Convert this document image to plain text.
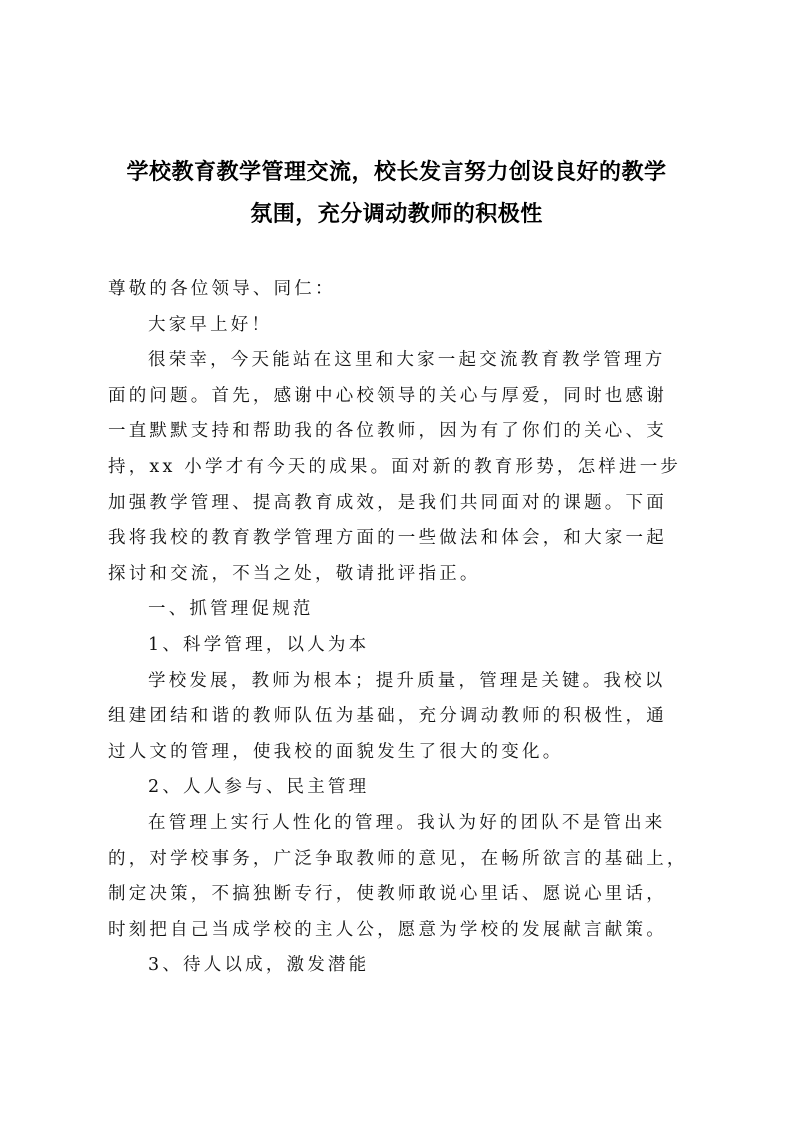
学校教育教学管理交流，校长发言努力创设良好的教学
氛围，充分调动教师的积极性
尊敬的各位领导、同仁：
大家早上好！
很荣幸，今天能站在这里和大家一起交流教育教学管理方
面的问题。首先，感谢中心校领导的关心与厚爱，同时也感谢
一直默默支持和帮助我的各位教师，因为有了你们的关心、支
持，xx 小学才有今天的成果。面对新的教育形势，怎样进一步
加强教学管理、提高教育成效，是我们共同面对的课题。下面
我将我校的教育教学管理方面的一些做法和体会，和大家一起
探讨和交流，不当之处，敬请批评指正。
一、抓管理促规范
1、科学管理，以人为本
学校发展，教师为根本；提升质量，管理是关键。我校以
组建团结和谐的教师队伍为基础，充分调动教师的积极性，通
过人文的管理，使我校的面貌发生了很大的变化。
2、人人参与、民主管理
在管理上实行人性化的管理。我认为好的团队不是管出来
的，对学校事务，广泛争取教师的意见，在畅所欲言的基础上，
制定决策，不搞独断专行，使教师敢说心里话、愿说心里话，
时刻把自己当成学校的主人公，愿意为学校的发展献言献策。
3、待人以成，激发潜能
